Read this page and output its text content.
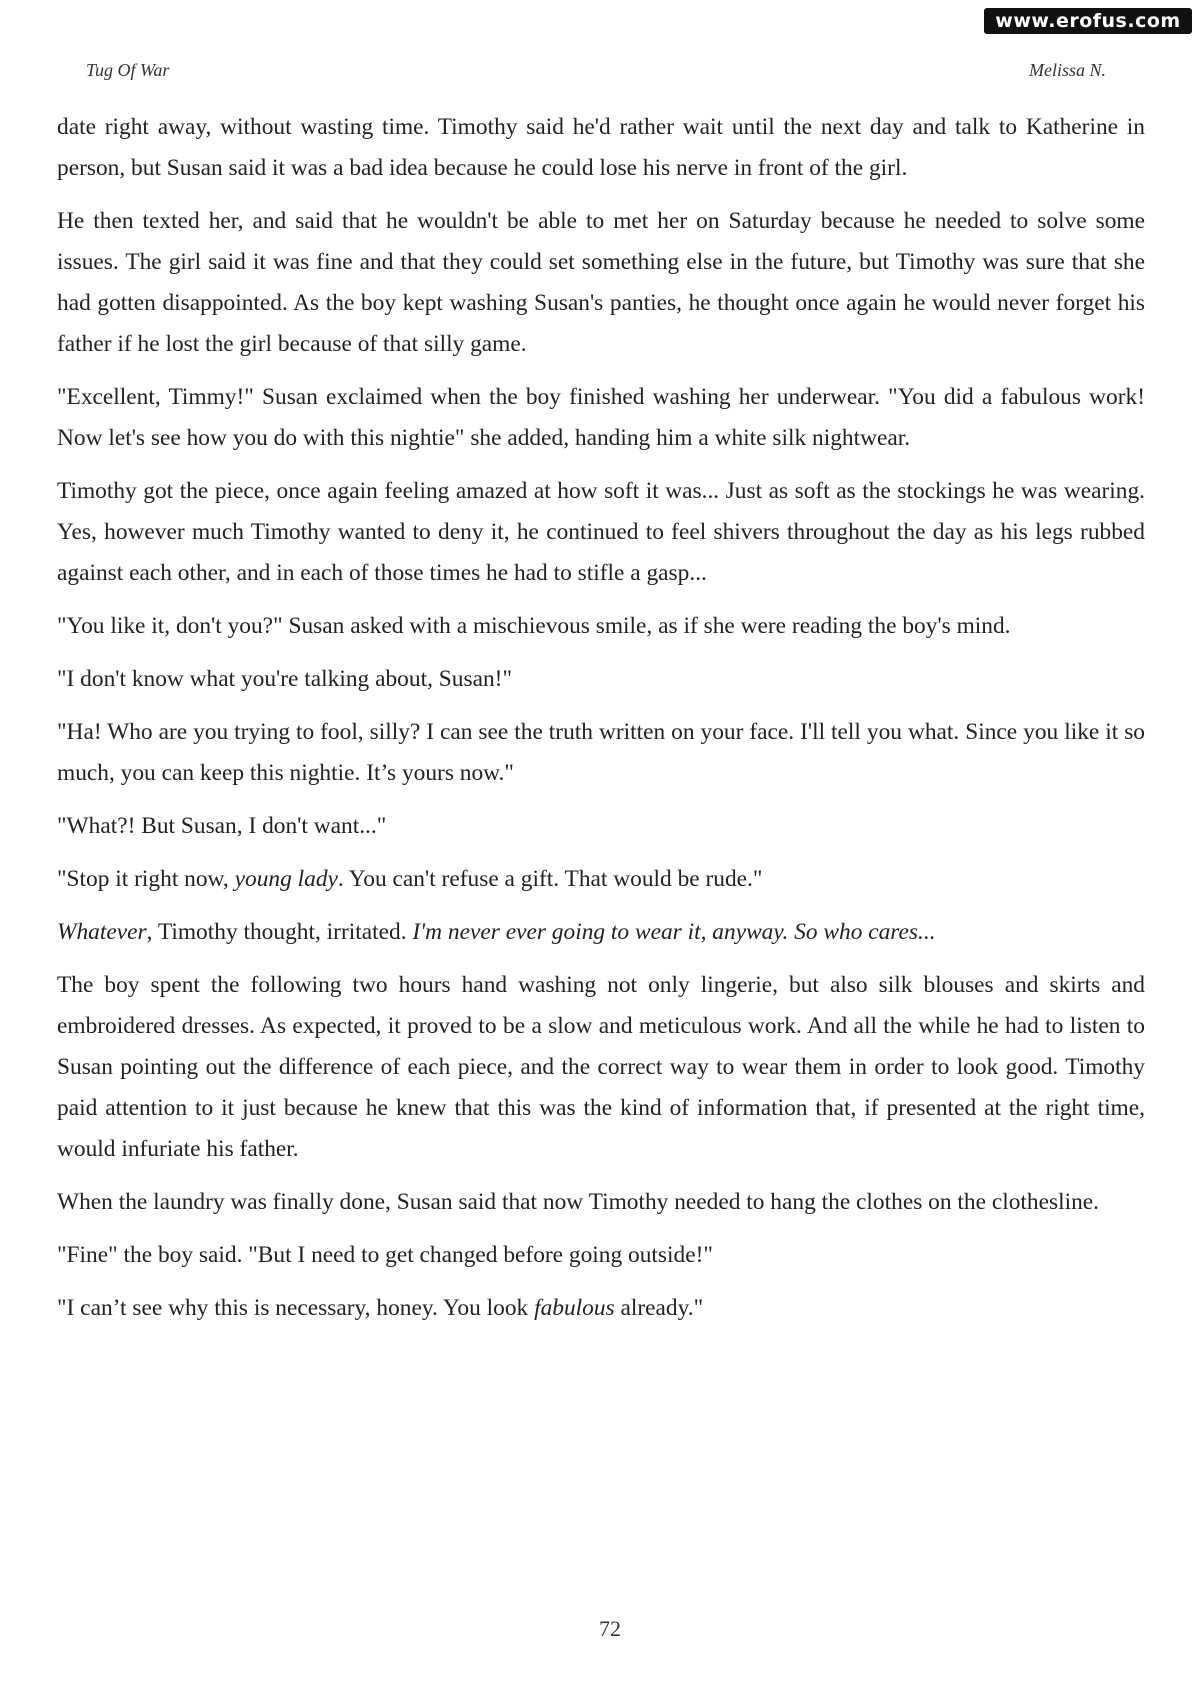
www.erofus.com
Tug Of War	Melissa N.

date right away, without wasting time. Timothy said he'd rather wait until the next day and talk to Katherine in person, but Susan said it was a bad idea because he could lose his nerve in front of the girl.

He then texted her, and said that he wouldn't be able to met her on Saturday because he needed to solve some issues. The girl said it was fine and that they could set something else in the future, but Timothy was sure that she had gotten disappointed. As the boy kept washing Susan's panties, he thought once again he would never forget his father if he lost the girl because of that silly game.

"Excellent, Timmy!" Susan exclaimed when the boy finished washing her underwear. "You did a fabulous work! Now let's see how you do with this nightie" she added, handing him a white silk nightwear.

Timothy got the piece, once again feeling amazed at how soft it was... Just as soft as the stockings he was wearing. Yes, however much Timothy wanted to deny it, he continued to feel shivers throughout the day as his legs rubbed against each other, and in each of those times he had to stifle a gasp...

"You like it, don't you?" Susan asked with a mischievous smile, as if she were reading the boy's mind.

"I don't know what you're talking about, Susan!"

"Ha! Who are you trying to fool, silly? I can see the truth written on your face. I'll tell you what. Since you like it so much, you can keep this nightie. It’s yours now."

"What?! But Susan, I don't want..."

"Stop it right now, young lady. You can't refuse a gift. That would be rude."

Whatever, Timothy thought, irritated. I'm never ever going to wear it, anyway. So who cares...

The boy spent the following two hours hand washing not only lingerie, but also silk blouses and skirts and embroidered dresses. As expected, it proved to be a slow and meticulous work. And all the while he had to listen to Susan pointing out the difference of each piece, and the correct way to wear them in order to look good. Timothy paid attention to it just because he knew that this was the kind of information that, if presented at the right time, would infuriate his father.

When the laundry was finally done, Susan said that now Timothy needed to hang the clothes on the clothesline.

"Fine" the boy said. "But I need to get changed before going outside!"

"I can’t see why this is necessary, honey. You look fabulous already."

72
